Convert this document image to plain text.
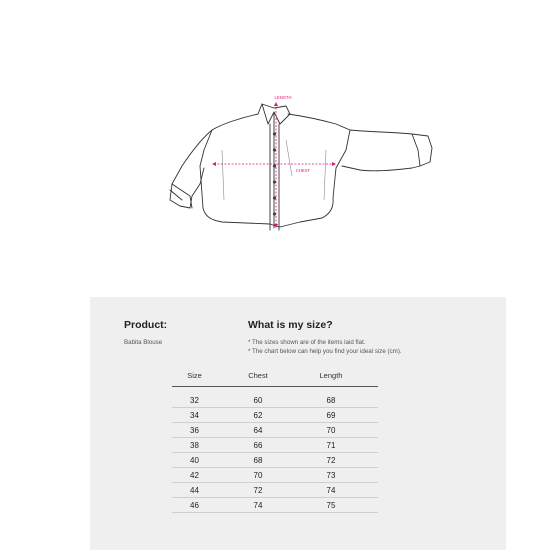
LENGTH
CHEST
Product:
Babita Blouse
What is my size?
* The sizes shown are of the items laid flat.
* The chart below can help you find your ideal size (cm).
Size	Chest	Length
32	60	68
34	62	69
36	64	70
38	66	71
40	68	72
42	70	73
44	72	74
46	74	75
